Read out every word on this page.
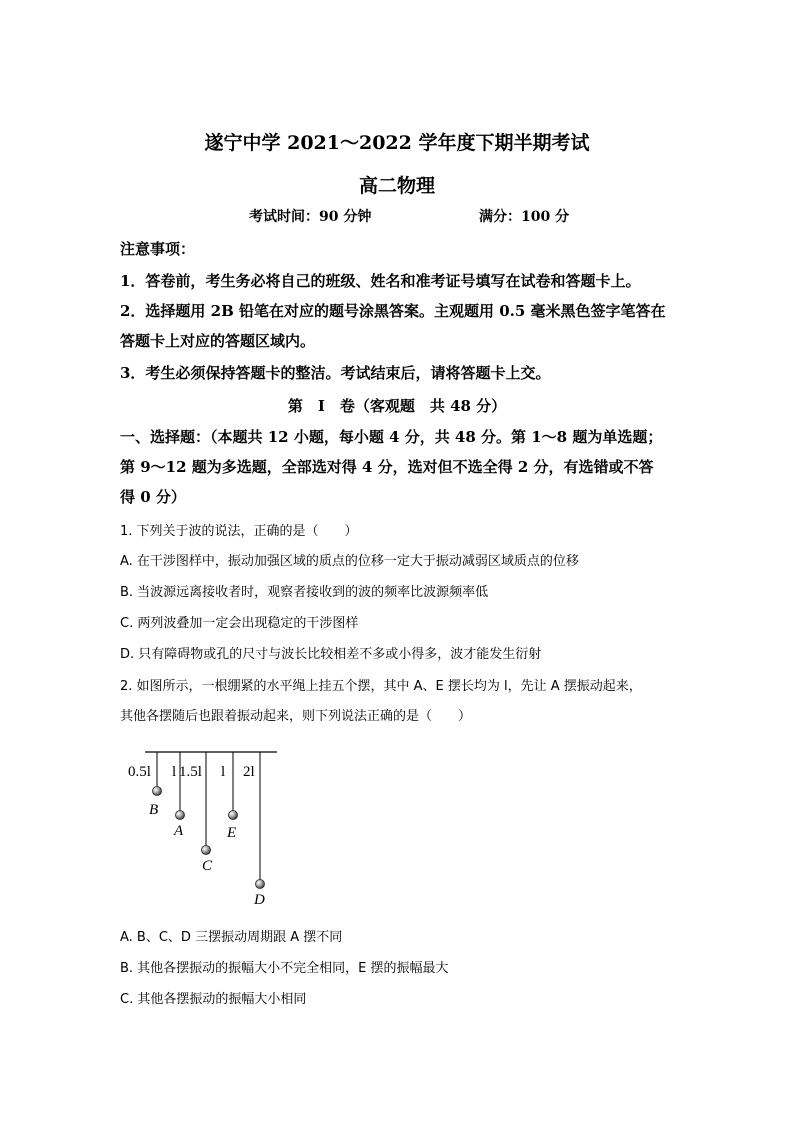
遂宁中学 2021～2022 学年度下期半期考试
高二物理
考试时间：90 分钟	满分：100 分
注意事项：
1．答卷前，考生务必将自己的班级、姓名和准考证号填写在试卷和答题卡上。
2．选择题用 2B 铅笔在对应的题号涂黑答案。主观题用 0.5 毫米黑色签字笔答在
答题卡上对应的答题区域内。
3．考生必须保持答题卡的整洁。考试结束后，请将答题卡上交。
第　I　卷（客观题　共 48 分）
一、选择题：（本题共 12 小题，每小题 4 分，共 48 分。第 1～8 题为单选题；
第 9～12 题为多选题，全部选对得 4 分，选对但不选全得 2 分，有选错或不答
得 0 分）
1. 下列关于波的说法，正确的是（　　）
A. 在干涉图样中，振动加强区域的质点的位移一定大于振动减弱区域质点的位移
B. 当波源远离接收者时，观察者接收到的波的频率比波源频率低
C. 两列波叠加一定会出现稳定的干涉图样
D. 只有障碍物或孔的尺寸与波长比较相差不多或小得多，波才能发生衍射
2. 如图所示，一根绷紧的水平绳上挂五个摆，其中 A、E 摆长均为 l，先让 A 摆振动起来，
其他各摆随后也跟着振动起来，则下列说法正确的是（　　）
0.5l l 1.5l l 2l
B
A
C
E
D
A. B、C、D 三摆振动周期跟 A 摆不同
B. 其他各摆振动的振幅大小不完全相同，E 摆的振幅最大
C. 其他各摆振动的振幅大小相同
